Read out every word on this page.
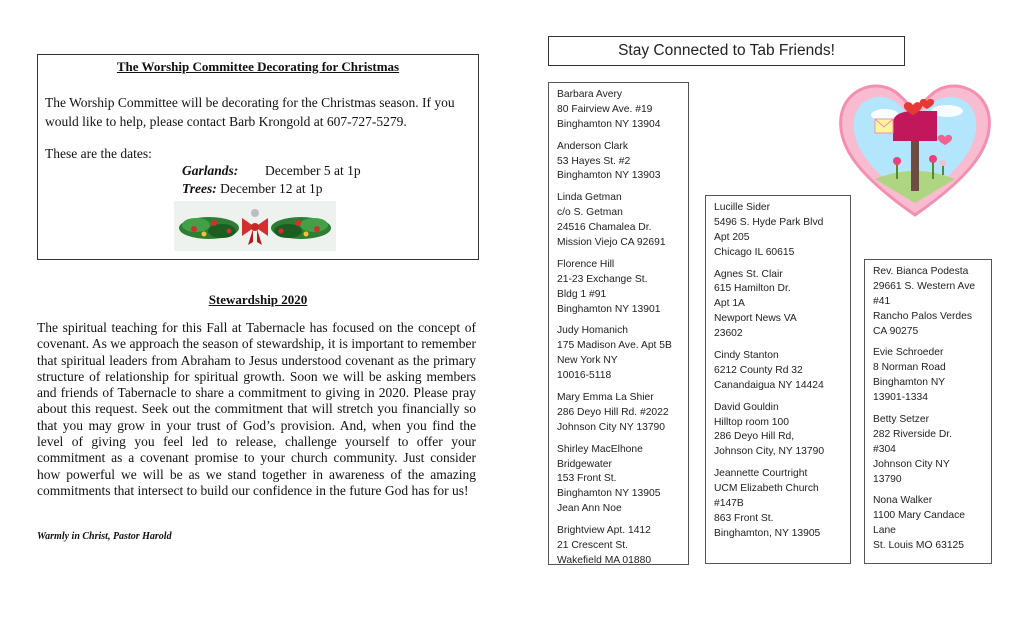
The Worship Committee Decorating for Christmas
The Worship Committee will be decorating for the Christmas season. If you would like to help, please contact Barb Krongold at 607-727-5279.
These are the dates:
Garlands: December 5 at 1p
Trees: December 12 at 1p
Stewardship 2020

The spiritual teaching for this Fall at Tabernacle has focused on the concept of covenant. As we approach the season of stewardship, it is important to remember that spiritual leaders from Abraham to Jesus understood covenant as the primary structure of relationship for spiritual growth. Soon we will be asking members and friends of Tabernacle to share a commitment to giving in 2020. Please pray about this request. Seek out the commitment that will stretch you financially so that you may grow in your trust of God’s provision. And, when you find the level of giving you feel led to release, challenge yourself to offer your commitment as a covenant promise to your church community. Just consider how powerful we will be as we stand together in awareness of the amazing commitments that intersect to build our confidence in the future God has for us!

Warmly in Christ, Pastor Harold
Stay Connected to Tab Friends!
Barbara Avery
80 Fairview Ave. #19
Binghamton NY 13904
Anderson Clark
53 Hayes St. #2
Binghamton NY 13903
Linda Getman
c/o S. Getman
24516 Chamalea Dr.
Mission Viejo CA 92691
Florence Hill
21-23 Exchange St.
Bldg 1 #91
Binghamton NY 13901
Judy Homanich
175 Madison Ave. Apt 5B
New York NY
10016-5118
Mary Emma La Shier
286 Deyo Hill Rd. #2022
Johnson City NY 13790
Shirley MacElhone
Bridgewater
153 Front St.
Binghamton NY 13905
Jean Ann Noe
Brightview Apt. 1412
21 Crescent St.
Wakefield MA 01880
Lucille Sider
5496 S. Hyde Park Blvd
Apt 205
Chicago IL 60615
Agnes St. Clair
615 Hamilton Dr.
Apt 1A
Newport News VA
23602
Cindy Stanton
6212 County Rd 32
Canandaigua NY 14424
David Gouldin
Hilltop room 100
286 Deyo Hill Rd,
Johnson City, NY 13790
Jeannette Courtright
UCM Elizabeth Church
#147B
863 Front St.
Binghamton, NY 13905
Rev. Bianca Podesta
29661 S. Western Ave
#41
Rancho Palos Verdes
CA 90275
Evie Schroeder
8 Norman Road
Binghamton NY
13901-1334
Betty Setzer
282 Riverside Dr.
#304
Johnson City NY
13790
Nona Walker
1100 Mary Candace
Lane
St. Louis MO 63125
